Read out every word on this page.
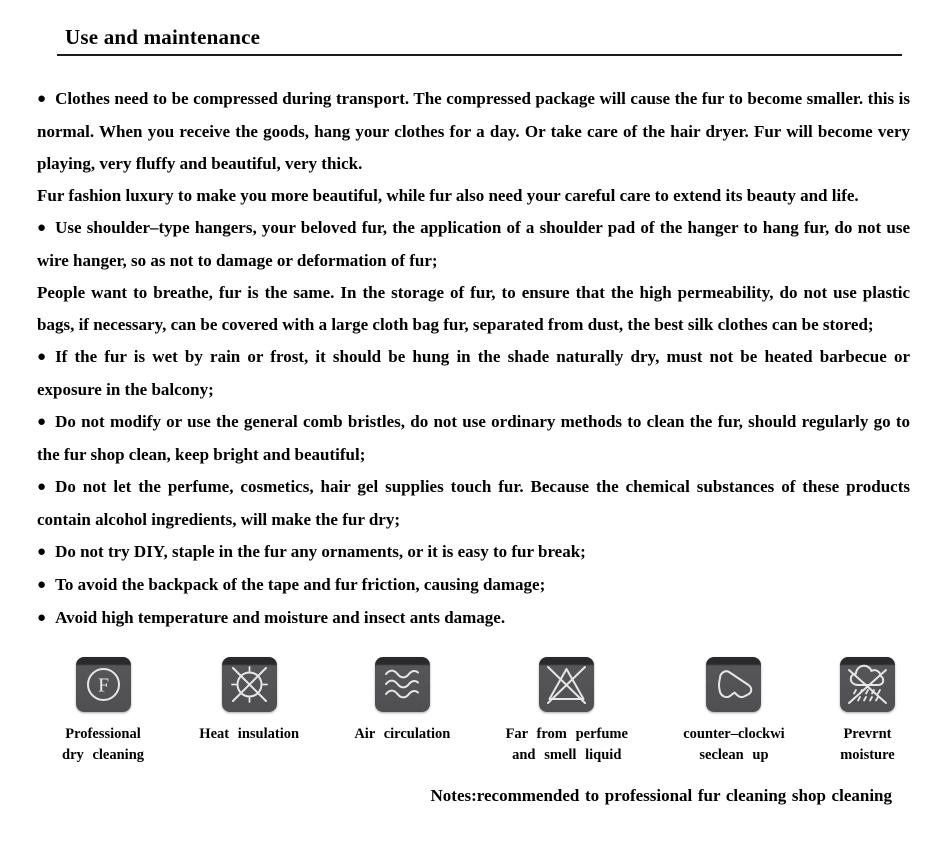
Use and maintenance

● Clothes need to be compressed during transport. The compressed package will cause the fur to become smaller. this is normal. When you receive the goods, hang your clothes for a day. Or take care of the hair dryer. Fur will become very playing, very fluffy and beautiful, very thick.

Fur fashion luxury to make you more beautiful, while fur also need your careful care to extend its beauty and life.

● Use shoulder–type hangers, your beloved fur, the application of a shoulder pad of the hanger to hang fur, do not use wire hanger, so as not to damage or deformation of fur;

People want to breathe, fur is the same. In the storage of fur, to ensure that the high permeability, do not use plastic bags, if necessary, can be covered with a large cloth bag fur, separated from dust, the best silk clothes can be stored;

● If the fur is wet by rain or frost, it should be hung in the shade naturally dry, must not be heated barbecue or exposure in the balcony;

● Do not modify or use the general comb bristles, do not use ordinary methods to clean the fur, should regularly go to the fur shop clean, keep bright and beautiful;

● Do not let the perfume, cosmetics, hair gel supplies touch fur. Because the chemical substances of these products contain alcohol ingredients, will make the fur dry;

● Do not try DIY, staple in the fur any ornaments, or it is easy to fur break;

● To avoid the backpack of the tape and fur friction, causing damage;

● Avoid high temperature and moisture and insect ants damage.

F
Professional
dry cleaning
Heat insulation	Air circulation	Far from perfume
and smell liquid
counter–clockwi
seclean up
Prevrnt
moisture
Notes:recommended to professional fur cleaning shop cleaning
